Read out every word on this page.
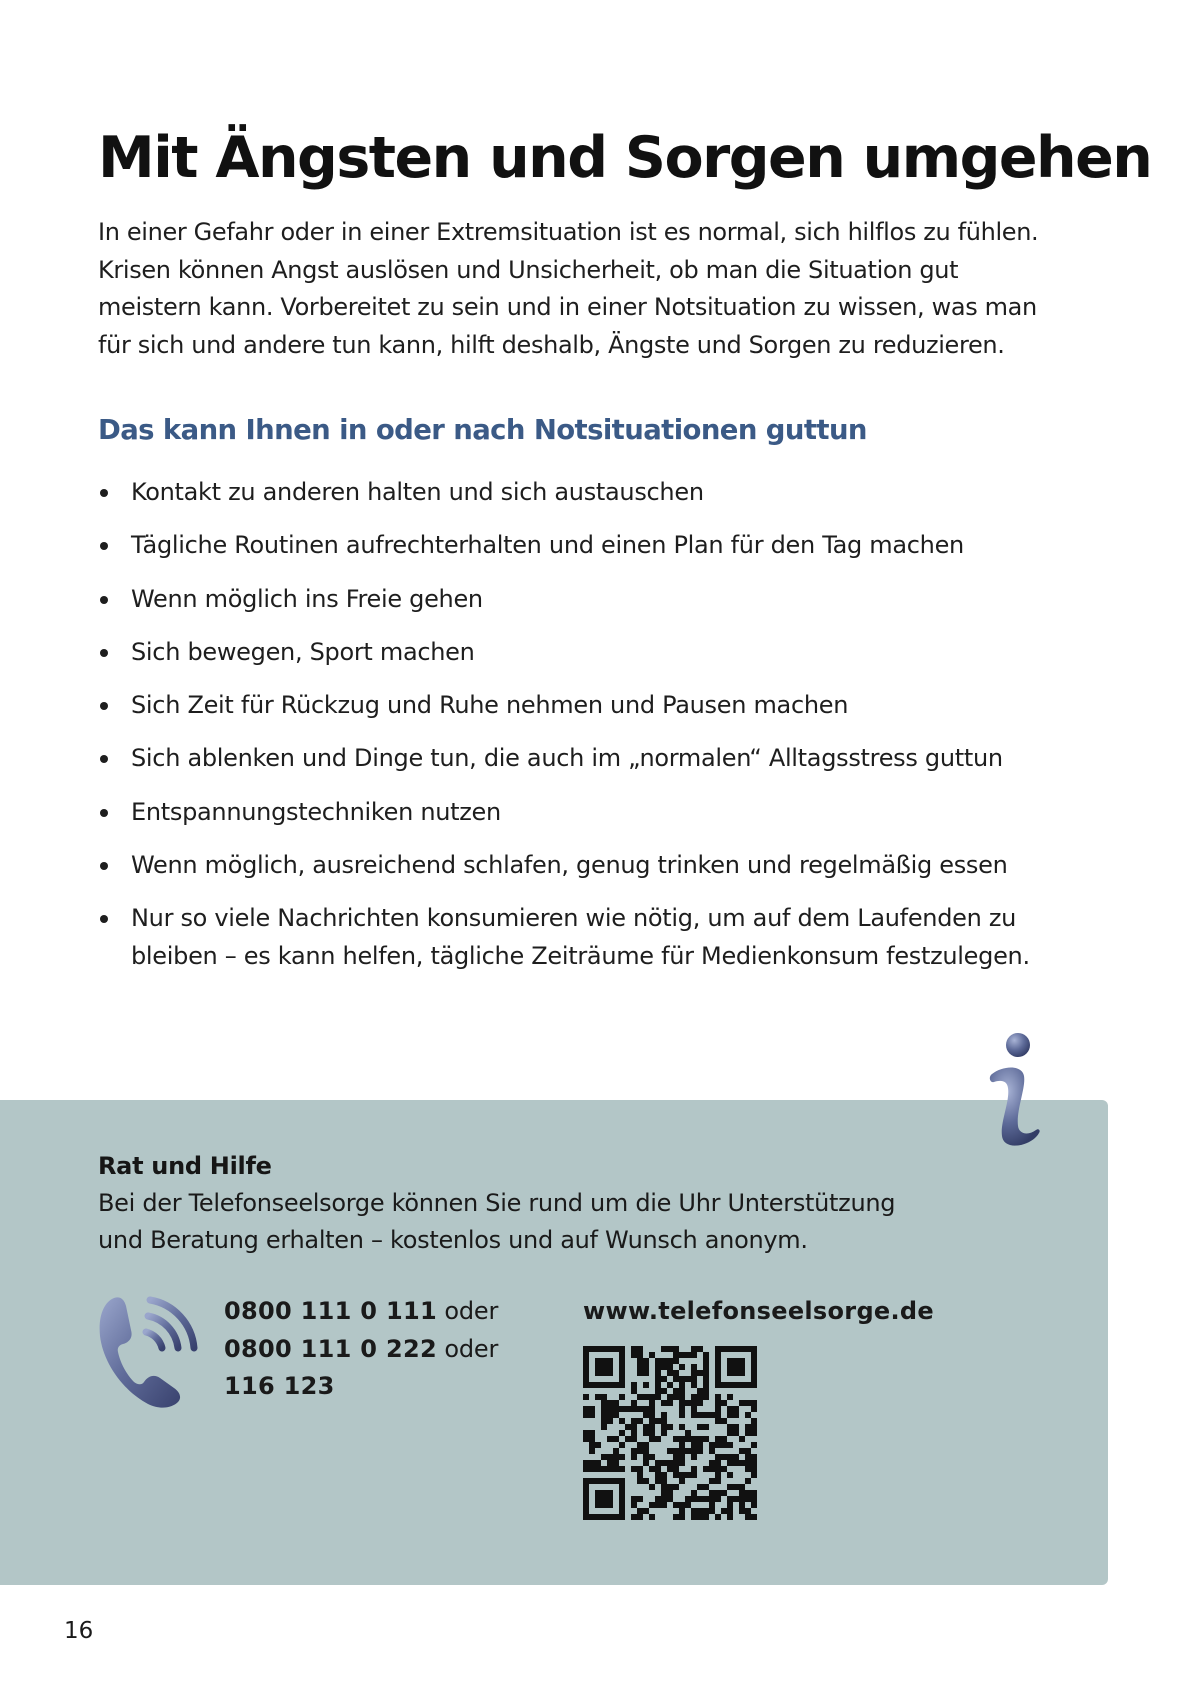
Mit Ängsten und Sorgen umgehen
In einer Gefahr oder in einer Extremsituation ist es normal, sich hilflos zu fühlen.
Krisen können Angst auslösen und Unsicherheit, ob man die Situation gut
meistern kann. Vorbereitet zu sein und in einer Notsituation zu wissen, was man
für sich und andere tun kann, hilft deshalb, Ängste und Sorgen zu reduzieren.
Das kann Ihnen in oder nach Notsituationen guttun
Kontakt zu anderen halten und sich austauschen
Tägliche Routinen aufrechterhalten und einen Plan für den Tag machen
Wenn möglich ins Freie gehen
Sich bewegen, Sport machen
Sich Zeit für Rückzug und Ruhe nehmen und Pausen machen
Sich ablenken und Dinge tun, die auch im „normalen“ Alltagsstress guttun
Entspannungstechniken nutzen
Wenn möglich, ausreichend schlafen, genug trinken und regelmäßig essen
Nur so viele Nachrichten konsumieren wie nötig, um auf dem Laufenden zu
bleiben – es kann helfen, tägliche Zeiträume für Medienkonsum festzulegen.
Rat und Hilfe
Bei der Telefonseelsorge können Sie rund um die Uhr Unterstützung
und Beratung erhalten – kostenlos und auf Wunsch anonym.
0800 111 0 111 oder
0800 111 0 222 oder
116 123
www.telefonseelsorge.de
16
